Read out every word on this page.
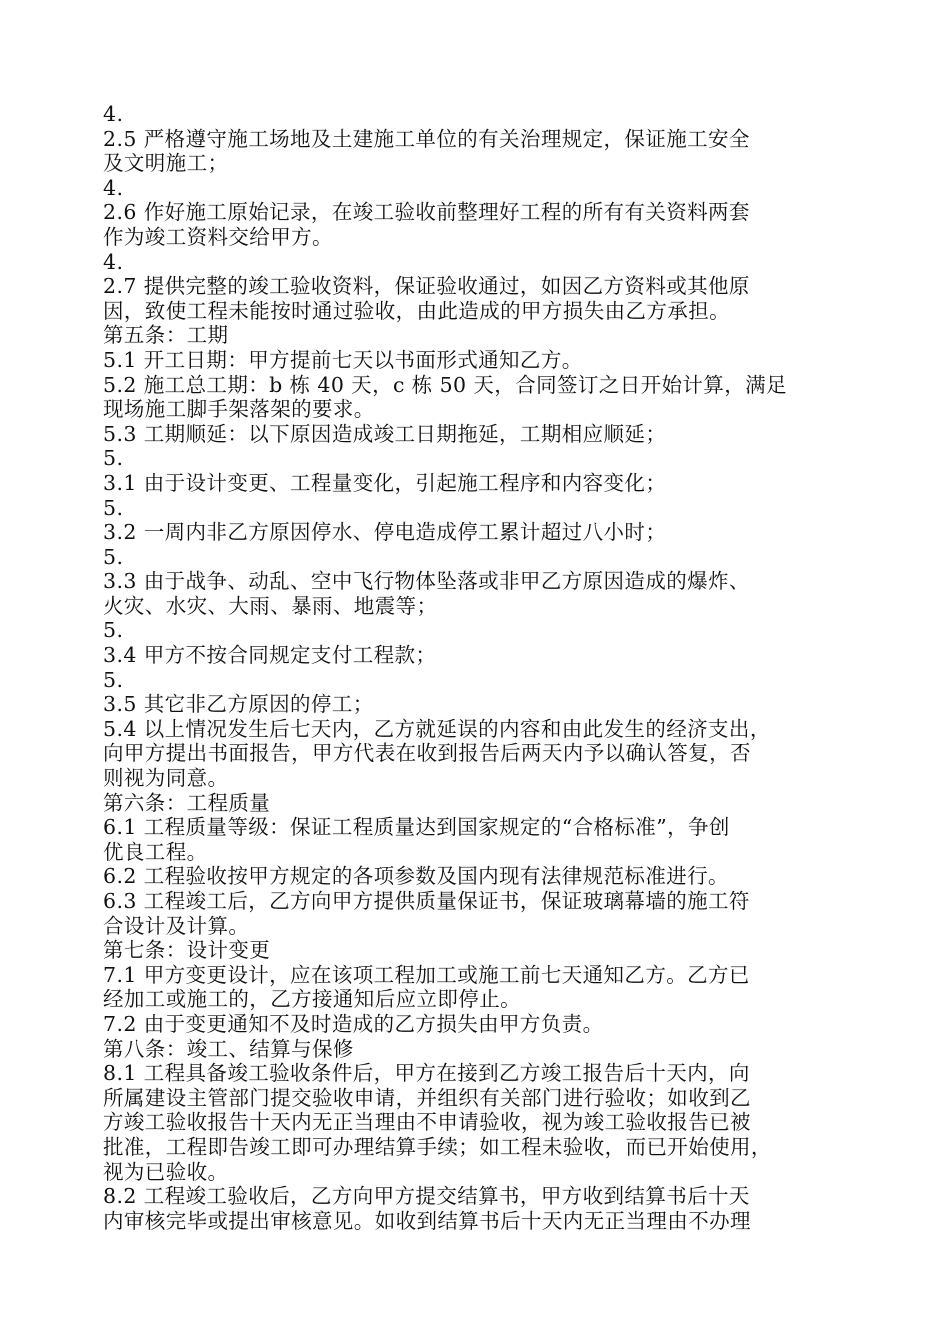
4.
2.5 严格遵守施工场地及土建施工单位的有关治理规定，保证施工安全
及文明施工；
4.
2.6 作好施工原始记录，在竣工验收前整理好工程的所有有关资料两套
作为竣工资料交给甲方。
4.
2.7 提供完整的竣工验收资料，保证验收通过，如因乙方资料或其他原
因，致使工程未能按时通过验收，由此造成的甲方损失由乙方承担。
第五条：工期
5.1 开工日期：甲方提前七天以书面形式通知乙方。
5.2 施工总工期：b 栋 40 天，c 栋 50 天，合同签订之日开始计算，满足
现场施工脚手架落架的要求。
5.3 工期顺延：以下原因造成竣工日期拖延，工期相应顺延；
5.
3.1 由于设计变更、工程量变化，引起施工程序和内容变化；
5.
3.2 一周内非乙方原因停水、停电造成停工累计超过八小时；
5.
3.3 由于战争、动乱、空中飞行物体坠落或非甲乙方原因造成的爆炸、
火灾、水灾、大雨、暴雨、地震等；
5.
3.4 甲方不按合同规定支付工程款；
5.
3.5 其它非乙方原因的停工；
5.4 以上情况发生后七天内，乙方就延误的内容和由此发生的经济支出，
向甲方提出书面报告，甲方代表在收到报告后两天内予以确认答复，否
则视为同意。
第六条：工程质量
6.1 工程质量等级：保证工程质量达到国家规定的“合格标准”，争创
优良工程。
6.2 工程验收按甲方规定的各项参数及国内现有法律规范标准进行。
6.3 工程竣工后，乙方向甲方提供质量保证书，保证玻璃幕墙的施工符
合设计及计算。
第七条：设计变更
7.1 甲方变更设计，应在该项工程加工或施工前七天通知乙方。乙方已
经加工或施工的，乙方接通知后应立即停止。
7.2 由于变更通知不及时造成的乙方损失由甲方负责。
第八条：竣工、结算与保修
8.1 工程具备竣工验收条件后，甲方在接到乙方竣工报告后十天内，向
所属建设主管部门提交验收申请，并组织有关部门进行验收；如收到乙
方竣工验收报告十天内无正当理由不申请验收，视为竣工验收报告已被
批准，工程即告竣工即可办理结算手续；如工程未验收，而已开始使用，
视为已验收。
8.2 工程竣工验收后，乙方向甲方提交结算书，甲方收到结算书后十天
内审核完毕或提出审核意见。如收到结算书后十天内无正当理由不办理
